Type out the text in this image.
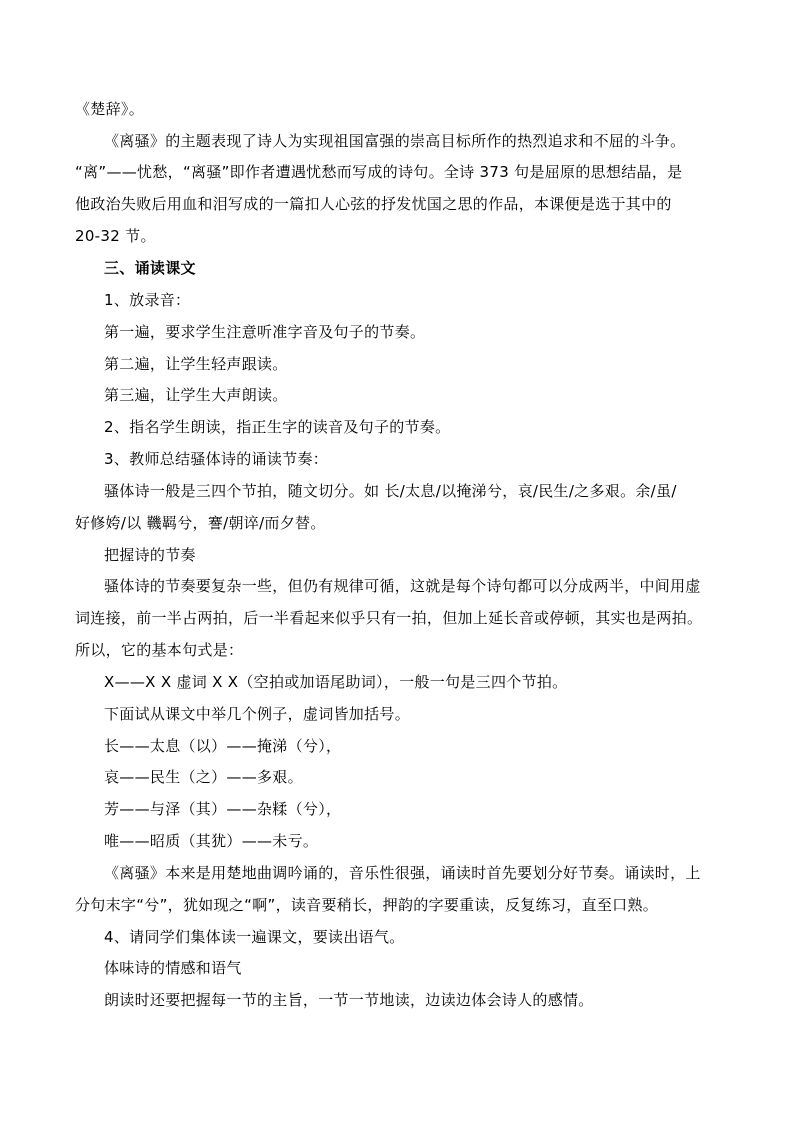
《楚辞》。
《离骚》的主题表现了诗人为实现祖国富强的崇高目标所作的热烈追求和不屈的斗争。
“离”——忧愁，“离骚”即作者遭遇忧愁而写成的诗句。全诗 373 句是屈原的思想结晶，是
他政治失败后用血和泪写成的一篇扣人心弦的抒发忧国之思的作品，本课便是选于其中的
20-32 节。
三、诵读课文
1、放录音：
第一遍，要求学生注意听准字音及句子的节奏。
第二遍，让学生轻声跟读。
第三遍，让学生大声朗读。
2、指名学生朗读，指正生字的读音及句子的节奏。
3、教师总结骚体诗的诵读节奏：
骚体诗一般是三四个节拍，随文切分。如 长/太息/以掩涕兮，哀/民生/之多艰。余/虽/
好修姱/以 鞿羁兮，謇/朝谇/而夕替。
把握诗的节奏
骚体诗的节奏要复杂一些，但仍有规律可循，这就是每个诗句都可以分成两半，中间用虚
词连接，前一半占两拍，后一半看起来似乎只有一拍，但加上延长音或停顿，其实也是两拍。
所以，它的基本句式是：
X——X X 虚词 X X（空拍或加语尾助词），一般一句是三四个节拍。
下面试从课文中举几个例子，虚词皆加括号。
长——太息（以）——掩涕（兮），
哀——民生（之）——多艰。
芳——与泽（其）——杂糅（兮），
唯——昭质（其犹）——未亏。
《离骚》本来是用楚地曲调吟诵的，音乐性很强，诵读时首先要划分好节奏。诵读时，上
分句末字“兮”，犹如现之“啊”，读音要稍长，押韵的字要重读，反复练习，直至口熟。
4、请同学们集体读一遍课文，要读出语气。
体味诗的情感和语气
朗读时还要把握每一节的主旨，一节一节地读，边读边体会诗人的感情。
